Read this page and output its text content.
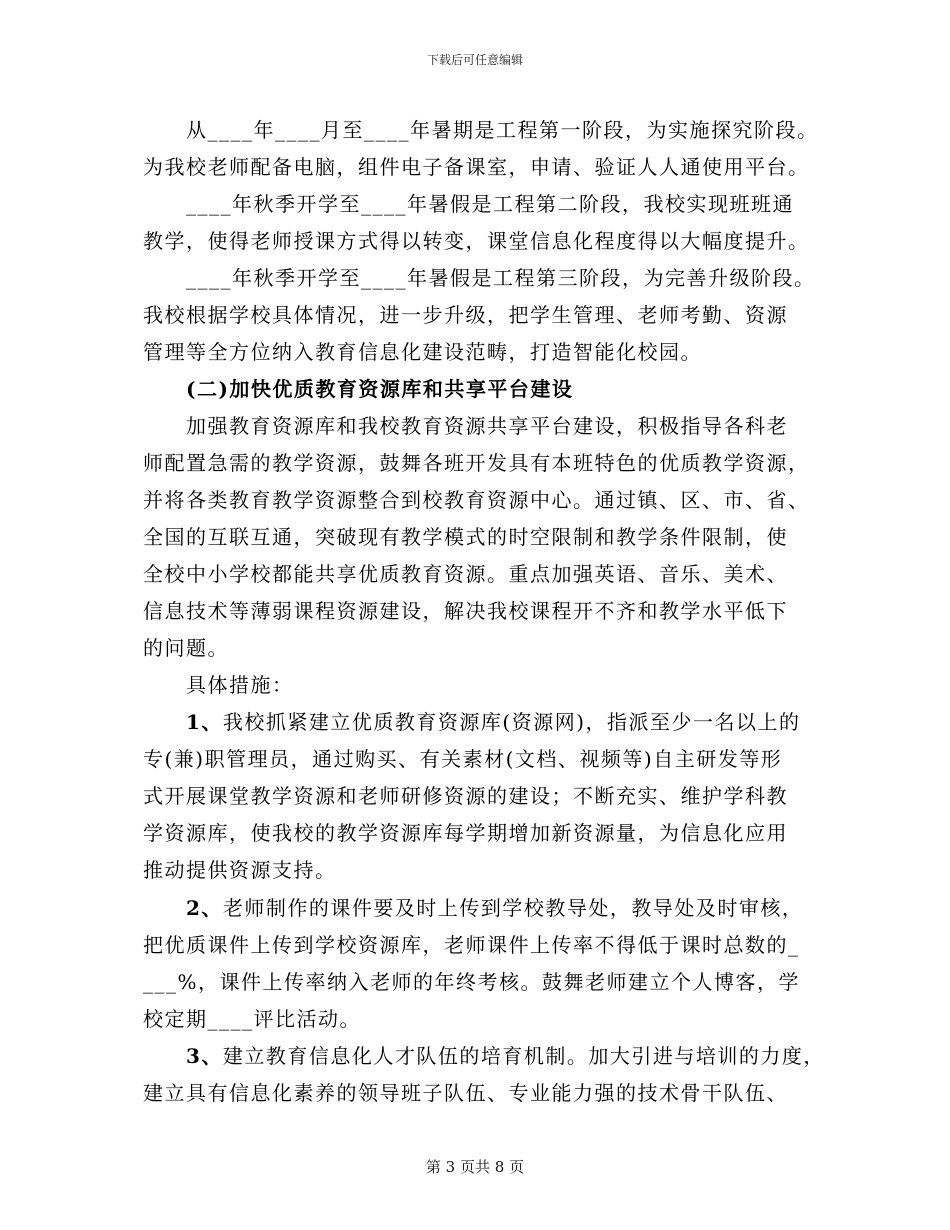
下载后可任意编辑
从____年____月至____年暑期是工程第一阶段，为实施探究阶段。
为我校老师配备电脑，组件电子备课室，申请、验证人人通使用平台。
____年秋季开学至____年暑假是工程第二阶段，我校实现班班通
教学，使得老师授课方式得以转变，课堂信息化程度得以大幅度提升。
____年秋季开学至____年暑假是工程第三阶段，为完善升级阶段。
我校根据学校具体情况，进一步升级，把学生管理、老师考勤、资源
管理等全方位纳入教育信息化建设范畴，打造智能化校园。
(二)加快优质教育资源库和共享平台建设
加强教育资源库和我校教育资源共享平台建设，积极指导各科老
师配置急需的教学资源，鼓舞各班开发具有本班特色的优质教学资源，
并将各类教育教学资源整合到校教育资源中心。通过镇、区、市、省、
全国的互联互通，突破现有教学模式的时空限制和教学条件限制，使
全校中小学校都能共享优质教育资源。重点加强英语、音乐、美术、
信息技术等薄弱课程资源建设，解决我校课程开不齐和教学水平低下
的问题。
具体措施：
1、我校抓紧建立优质教育资源库(资源网)，指派至少一名以上的
专(兼)职管理员，通过购买、有关素材(文档、视频等)自主研发等形
式开展课堂教学资源和老师研修资源的建设；不断充实、维护学科教
学资源库，使我校的教学资源库每学期增加新资源量，为信息化应用
推动提供资源支持。
2、老师制作的课件要及时上传到学校教导处，教导处及时审核，
把优质课件上传到学校资源库，老师课件上传率不得低于课时总数的_
___%，课件上传率纳入老师的年终考核。鼓舞老师建立个人博客，学
校定期____评比活动。
3、建立教育信息化人才队伍的培育机制。加大引进与培训的力度，
建立具有信息化素养的领导班子队伍、专业能力强的技术骨干队伍、
第 3 页共 8 页
